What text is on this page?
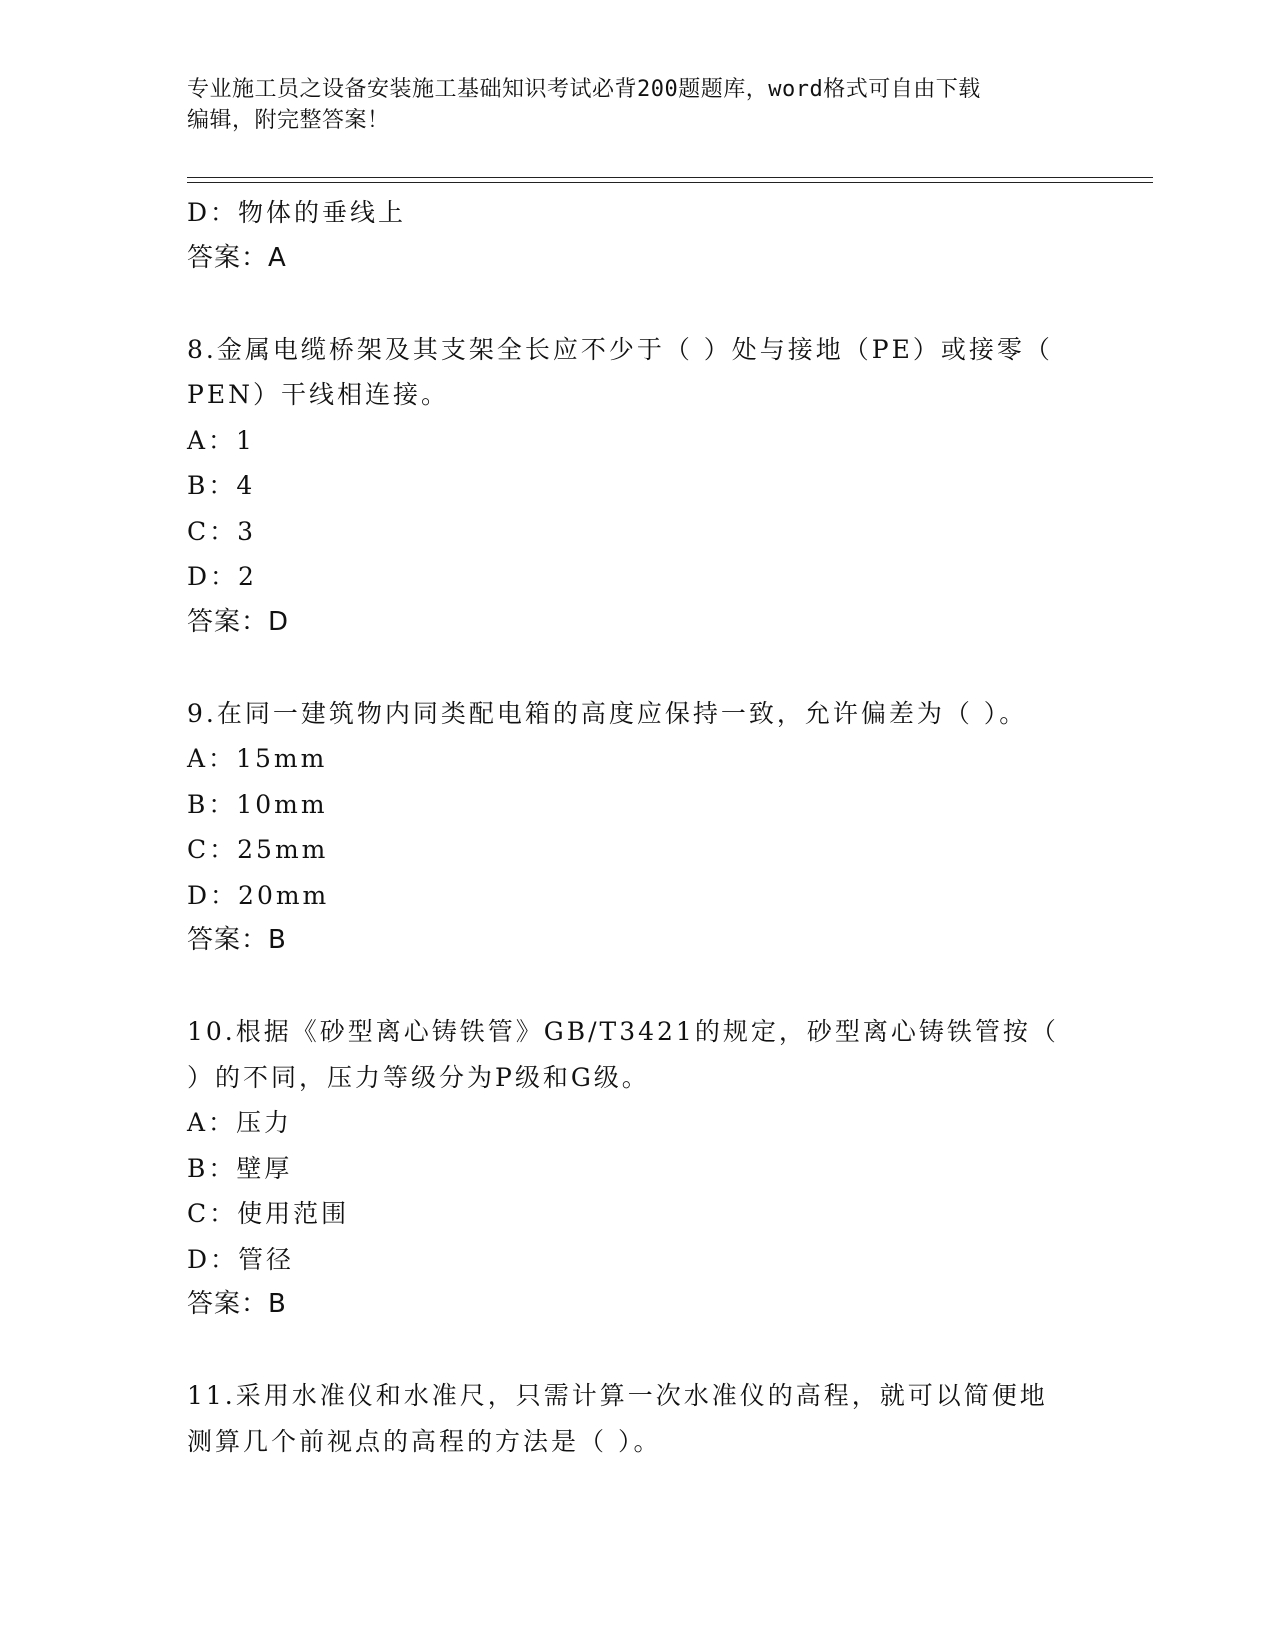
专业施工员之设备安装施工基础知识考试必背200题题库，word格式可自由下载
编辑，附完整答案！
D：物体的垂线上
答案：A
8.金属电缆桥架及其支架全长应不少于（ ）处与接地（PE）或接零（
PEN）干线相连接。
A：1
B：4
C：3
D：2
答案：D
9.在同一建筑物内同类配电箱的高度应保持一致，允许偏差为（ ）。
A：15mm
B：10mm
C：25mm
D：20mm
答案：B
10.根据《砂型离心铸铁管》GB/T3421的规定，砂型离心铸铁管按（
）的不同，压力等级分为P级和G级。
A：压力
B：壁厚
C：使用范围
D：管径
答案：B
11.采用水准仪和水准尺，只需计算一次水准仪的高程，就可以简便地
测算几个前视点的高程的方法是（ ）。
